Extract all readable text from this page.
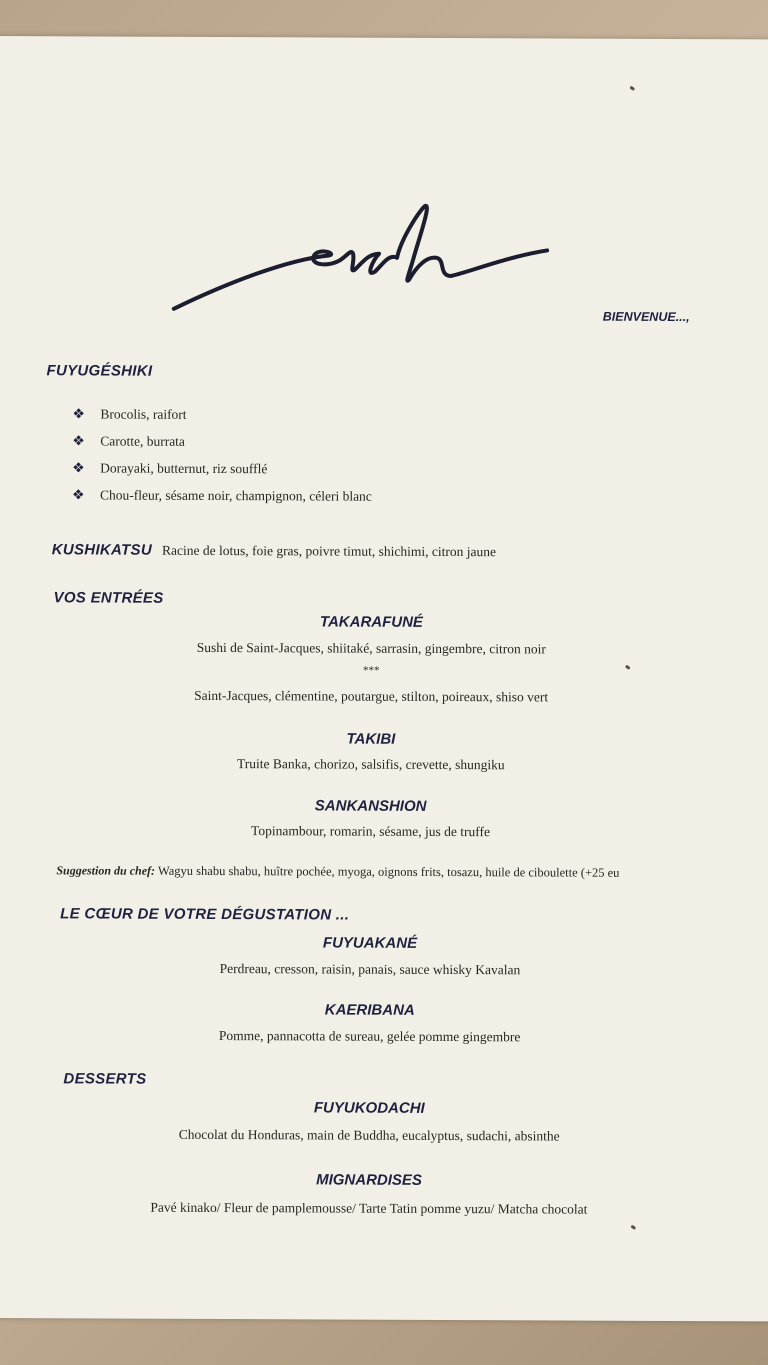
BIENVENUE...,
FUYUGÉSHIKI
❖ Brocolis, raifort
❖ Carotte, burrata
❖ Dorayaki, butternut, riz soufflé
❖ Chou-fleur, sésame noir, champignon, céleri blanc
KUSHIKATSU Racine de lotus, foie gras, poivre timut, shichimi, citron jaune
VOS ENTRÉES
TAKARAFUNÉ
Sushi de Saint-Jacques, shiitaké, sarrasin, gingembre, citron noir
***
Saint-Jacques, clémentine, poutargue, stilton, poireaux, shiso vert
TAKIBI
Truite Banka, chorizo, salsifis, crevette, shungiku
SANKANSHION
Topinambour, romarin, sésame, jus de truffe
Suggestion du chef: Wagyu shabu shabu, huître pochée, myoga, oignons frits, tosazu, huile de ciboulette (+25 eu
LE CŒUR DE VOTRE DÉGUSTATION ...
FUYUAKANÉ
Perdreau, cresson, raisin, panais, sauce whisky Kavalan
KAERIBANA
Pomme, pannacotta de sureau, gelée pomme gingembre
DESSERTS
FUYUKODACHI
Chocolat du Honduras, main de Buddha, eucalyptus, sudachi, absinthe
MIGNARDISES
Pavé kinako/ Fleur de pamplemousse/ Tarte Tatin pomme yuzu/ Matcha chocolat
